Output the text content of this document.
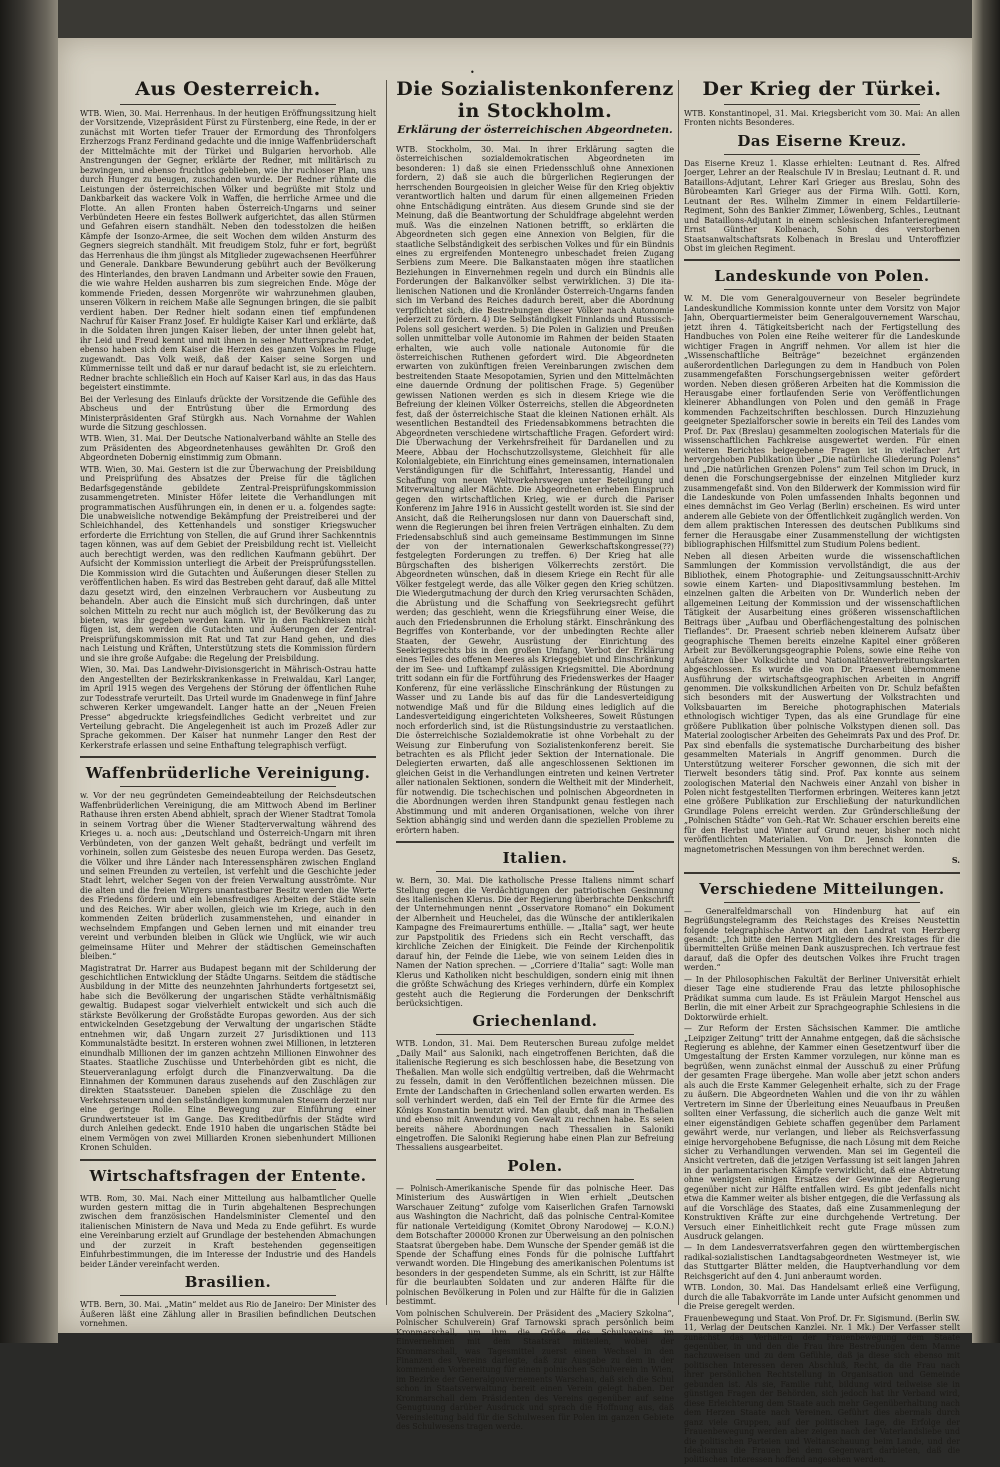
•
Aus Oesterreich.

WTB. Wien, 30. Mai. Herrenhaus. In der heutigen Eröffnungssitzung hielt der Vorsitzende, Vizepräsident Fürst zu Fürstenberg, eine Rede, in der er zunächst mit Worten tiefer Trauer der Ermordung des Thronfolgers Erzherzogs Franz Ferdinand gedachte und die innige Waffenbrüderschaft der Mittelmächte mit der Türkei und Bulgarien hervorhob. Alle Anstrengungen der Gegner, erklärte der Redner, mit militärisch zu bezwingen, und ebenso fruchtlos geblieben, wie ihr ruchloser Plan, uns durch Hunger zu beugen, zuschanden wurde. Der Redner rühmte die Leistungen der österreichischen Völker und begrüßte mit Stolz und Dankbarkeit das wackere Volk in Waffen, die herrliche Armee und die Flotte. An allen Fronten haben Österreich-Ungarns und seiner Verbündeten Heere ein festes Bollwerk aufgerichtet, das allen Stürmen und Gefahren eisern standhält. Neben den todesstolzen die heißen Kämpfe der Isonzo-Armee, die seit Wochen dem wilden Ansturm des Gegners siegreich standhält. Mit freudigem Stolz, fuhr er fort, begrüßt das Herrenhaus die ihm jüngst als Mitglieder zugewachsenen Heerführer und Generale. Dankbare Bewunderung gebührt auch der Bevölkerung des Hinterlandes, den braven Landmann und Arbeiter sowie den Frauen, die wie wahre Helden ausharren bis zum siegreichen Ende. Möge der kommende Frieden, dessen Morgenröte wir wahrzunehmen glauben, unseren Völkern in reichem Maße alle Segnungen bringen, die sie palbit verdient haben. Der Redner hielt sodann einen tief empfundenen Nachruf für Kaiser Franz Josef. Er huldigte Kaiser Karl und erklärte, daß in die Soldaten ihren jungen Kaiser lieben, der unter ihnen gelebt hat, ihr Leid und Freud kennt und mit ihnen in seiner Muttersprache redet, ebenso haben sich dem Kaiser die Herzen des ganzen Volkes im Fluge zugewandt. Das Volk weiß, daß der Kaiser seine Sorgen und Kümmernisse teilt und daß er nur darauf bedacht ist, sie zu erleichtern. Redner brachte schließlich ein Hoch auf Kaiser Karl aus, in das das Haus begeistert einstimmte.

Bei der Verlesung des Einlaufs drückte der Vorsitzende die Gefühle des Abscheus und der Entrüstung über die Ermordung des Ministerpräsidenten Graf Stürgkh aus. Nach Vornahme der Wahlen wurde die Sitzung geschlossen.

WTB. Wien, 31. Mai. Der Deutsche Nationalverband wählte an Stelle des zum Präsidenten des Abgeordnetenhauses gewählten Dr. Groß den Abgeordneten Dobernig einstimmig zum Obmann.

WTB. Wien, 30. Mai. Gestern ist die zur Überwachung der Preisbildung und Preisprüfung des Absatzes der Preise für die täglichen Bedarfsgegenstände gebildete Zentral-Preisprüfungskommission zusammengetreten. Minister Höfer leitete die Verhandlungen mit programmatischen Ausführungen ein, in denen er u. a. folgendes sagte: Die unabweisliche notwendige Bekämpfung der Preistreiberei und der Schleichhandel, des Kettenhandels und sonstiger Kriegswucher erforderte die Errichtung von Stellen, die auf Grund ihrer Sachkenntnis tagen können, was auf dem Gebiet der Preisbildung recht ist. Vielleicht auch berechtigt werden, was den redlichen Kaufmann gebührt. Der Aufsicht der Kommission unterliegt die Arbeit der Preisprüfungsstellen. Die Kommission wird die Gutachten und Äußerungen dieser Stellen zu veröffentlichen haben. Es wird das Bestreben geht darauf, daß alle Mittel dazu gesetzt wird, den einzelnen Verbrauchern vor Ausbeutung zu behandeln. Aber auch die Einsicht muß sich durchringen, daß unter solchen Mitteln zu recht nur auch möglich ist, der Bevölkerung das zu bieten, was ihr gegeben werden kann. Wir in den Fachkreisen nicht fügen ist, dem werden die Gutachten und Äußerungen der Zentral-Preisprüfungskommission mit Rat und Tat zur Hand gehen, und dies nach Leistung und Kräften, Unterstützung stets die Kommission fürdern und sie ihre große Aufgabe: die Regelung der Preisbildung.

Wien, 30. Mai. Das Landwehr-Divisionsgericht in Mährisch-Ostrau hatte den Angestellten der Bezirkskrankenkasse in Freiwaldau, Karl Langer, im April 1915 wegen des Vergehens der Störung der öffentlichen Ruhe zur Todesstrafe verurteilt. Das Urteil wurde im Gnadenwege in fünf Jahre schweren Kerker umgewandelt. Langer hatte an der „Neuen Freien Presse“ abgedruckte kriegsfeindliches Gedicht verbreitet und zur Verteilung gebracht. Die Angelegenheit ist auch im Prozeß Adler zur Sprache gekommen. Der Kaiser hat nunmehr Langer den Rest der Kerkerstrafe erlassen und seine Enthaftung telegraphisch verfügt.

Waffenbrüderliche Vereinigung.

w. Vor der neu gegründeten Gemeindeabteilung der Reichsdeutschen Waffenbrüderlichen Vereinigung, die am Mittwoch Abend im Berliner Rathause ihren ersten Abend abhielt, sprach der Wiener Stadtrat Tomola in seinem Vortrag über die Wiener Stadterverwaltung während des Krieges u. a. noch aus: „Deutschland und Österreich-Ungarn mit ihren Verbündeten, von der ganzen Welt gehaßt, bedrängt und verfeilt im vorhinein, sollen zum Geistesbe des neuen Europa werden. Das Gesetz, die Völker und ihre Länder nach Interessensphären zwischen England und seinen Freunden zu verteilen, ist verfehlt und die Geschichte jeder Stadt lehrt, welcher Segen von der freien Verwaltung ausströmte. Nur die alten und die freien Wirgers unantastbarer Besitz werden die Werte des Friedens fördern und ein lebensfreudiges Arbeiten der Städte sein und des Reiches. Wir aber wollen, gleich wie im Kriege, auch in den kommenden Zeiten brüderlich zusammenstehen, und einander in wechselndem Empfangen und Geben lernen und mit einander treu vereint und verbunden bleiben in Glück wie Unglück, wie wir auch geimeinsame Hüter und Mehrer der städtischen Gemeinschaften bleiben.“

Magistratrat Dr. Harrer aus Budapest begann mit der Schilderung der geschichtlichen Entwicklung der Städte Ungarns. Seitdem die städtische Ausbildung in der Mitte des neunzehnten Jahrhunderts fortgesetzt sei, habe sich die Bevölkerung der ungarischen Städte verhältnismäßig gewaltig. Budapest sogar vielverhielt entwickelt und sich auch die stärkste Bevölkerung der Großstädte Europas geworden. Aus der sich entwickelnden Gesetzgebung der Verwaltung der ungarischen Städte entnehmen wir, daß Ungarn zurzeit 27 Jurisdiktionen und 113 Kommunalstädte besitzt. In ersteren wohnen zwei Millionen, in letzteren einundhalb Millionen der im ganzen achtzehn Millionen Einwohner des Staates. Staatliche Zuschüsse und Unterbehörden gibt es nicht, die Steuerveranlagung erfolgt durch die Finanzverwaltung. Da die Einnahmen der Kommunen daraus zusehends auf den Zuschlägen zur direkten Staatssteuer. Daneben spielen die Zuschläge zu den Verkehrssteuern und den selbständigen kommunalen Steuern derzeit nur eine geringe Rolle. Eine Bewegung zur Einführung einer Grundwertsteuer ist im Gange. Das Kreditbedürfnis der Städte wird durch Anleihen gedeckt. Ende 1910 haben die ungarischen Städte bei einem Vermögen von zwei Milliarden Kronen siebenhundert Millionen Kronen Schulden.

Wirtschaftsfragen der Entente.

WTB. Rom, 30. Mai. Nach einer Mitteilung aus halbamtlicher Quelle wurden gestern mittag die in Turin abgehaltenen Besprechungen zwischen dem französischen Handelsminister Clementel und den italienischen Ministern de Nava und Meda zu Ende geführt. Es wurde eine Vereinbarung erzielt auf Grundlage der bestehenden Abmachungen und der zurzeit in Kraft bestehenden gegenseitigen Einfuhrbestimmungen, die im Interesse der Industrie und des Handels beider Länder vereinfacht werden.

Brasilien.

WTB. Bern, 30. Mai. „Matin“ meldet aus Rio de Janeiro: Der Minister des Äußeren läßt eine Zählung aller in Brasilien befindlichen Deutschen vornehmen.

Die Sozialistenkonferenz in Stockholm.
Erklärung der österreichischen Abgeordneten.

WTB. Stockholm, 30. Mai. In ihrer Erklärung sagten die österreichischen sozialdemokratischen Abgeordneten im besonderen: 1) daß sie einen Friedensschluß ohne Annexionen fordern, 2) daß sie auch die bürgerlichen Regierungen der herrschenden Bourgeoisien in gleicher Weise für den Krieg objektiv verantwortlich halten und darum für einen allgemeinen Frieden ohne Entschädigung einträten. Aus diesem Grunde sind sie der Meinung, daß die Beantwortung der Schuldfrage abgelehnt werden muß. Was die einzelnen Nationen betrifft, so erklärten die Abgeordneten sich gegen eine Annexion von Belgien, für die staatliche Selbständigkeit des serbischen Volkes und für ein Bündnis eines zu ergreifenden Montenegro unbeschadet freien Zugang Serbiens zum Meere. Die Balkanstaaten mögen ihre staatlichen Beziehungen in Einvernehmen regeln und durch ein Bündnis alle Forderungen der Balkanvölker selbst verwirklichen. 3) Die ita-lienischen Nationen und die Kronländer Österreich-Ungarns fanden sich im Verband des Reiches dadurch bereit, aber die Abordnung verpflichtet sich, die Bestrebungen dieser Völker nach Autonomie jederzeit zu fördern. 4) Die Selbständigkeit Finnlands und Russisch-Polens soll gesichert werden. 5) Die Polen in Galizien und Preußen sollen unmittelbar volle Autonomie im Rahmen der beiden Staaten erhalten, wie auch volle nationale Autonomie für die österreichischen Ruthenen gefordert wird. Die Abgeordneten erwarten von zukünftigen freien Vereinbarungen zwischen dem bestreitenden Staate Mesopotamien, Syrien und den Mittelmächten eine dauernde Ordnung der politischen Frage. 5) Gegenüber gewissen Nationen werden es sich in diesem Kriege wie die Befreiung der kleinen Völker Österreichs, stellen die Abgeordneten fest, daß der österreichische Staat die kleinen Nationen erhält. Als wesentlichen Bestandteil des Friedensabkommens betrachten die Abgeordneten verschiedene wirtschaftliche Fragen. Gefordert wird: Die Überwachung der Verkehrsfreiheit für Dardanellen und zu Meere, Abbau der Hochschutzzollsysteme, Gleichheit für alle Kolonialgebiete, ein Einrichtung eines gemeinsamen, internationalen Verständigungen für die Schiffahrt, Interessantig, Handel und Schaffung von neuen Weltverkehrswegen unter Beteiligung und Mitverwaltung aller Mächte. Die Abgeordneten erheben Einspruch gegen den wirtschaftlichen Krieg, wie er durch die Pariser Konferenz im Jahre 1916 in Aussicht gestellt worden ist. Sie sind der Ansicht, daß die Reiherungslosen nur dann von Dauerschaft sind, wenn die Regierungen bei ihren freien Verträgen einhalten. Zu dem Friedensabschluß sind auch gemeinsame Bestimmungen im Sinne der von der internationalen Gewerkschaftskongresse(??) festgelegten Forderungen zu treffen. 6) Der Krieg hat alle Bürgschaften des bisherigen Völkerrechts zerstört. Die Abgeordneten wünschen, daß in diesem Kriege ein Recht für alle Völker festgelegt werde, das alle Völker gegen den Krieg schützen. Die Wiedergutmachung der durch den Krieg verursachten Schäden, die Abrüstung und die Schaffung von Seekriegsrecht geführt werden; das geschieht, wenn die Kriegsführung einer Weise, die auch den Friedensbrunnen die Erholung stärkt. Einschränkung des Begriffes von Konterbande, vor der unbedingten Rechte aller Staaten, der Gewehr, Ausrüstung der Einrichtung des Seekriegsrechts bis in den großen Umfang, Verbot der Erklärung eines Teiles des offenen Meeres als Kriegsgebiet und Einschränkung der im See- und Luftkampf zulässigen Kriegsmittel. Die Abordnung tritt sodann ein für die Fortführung des Friedenswerkes der Haager Konferenz, für eine verlässliche Einschränkung der Rüstungen zu Wasser und zu Lande bis auf das für die Landesverteidigung notwendige Maß und für die Bildung eines lediglich auf die Landesverteidigung eingerichteten Volksheeres, Soweit Rüstungen noch erforderlich sind, ist die Rüstungsindustrie zu verstaatlichen. Die österreichische Sozialdemokratie ist ohne Vorbehalt zu der Weisung zur Einberufung von Sozialistenkonferenz bereit. Sie betrachten es als Pflicht jeder Sektion der Internationale. Die Delegierten erwarten, daß alle angeschlossenen Sektionen im gleichen Geist in die Verhandlungen eintreten und keinen Vertreter aller nationalen Sektionen, sondern die Weltheit mit der Minderheit, für notwendig. Die tschechischen und polnischen Abgeordneten in die Abordnungen werden ihren Standpunkt genau festlegen nach Abstimmung und mit anderen Organisationen, welche von ihrer Sektion abhängig sind und werden dann die speziellen Probleme zu erörtern haben.

Italien.

w. Bern, 30. Mai. Die katholische Presse Italiens nimmt scharf Stellung gegen die Verdächtigungen der patriotischen Gesinnung des italienischen Klerus. Die der Regierung überbrachte Denkschrift der Unternehmungen nennt „Osservatore Romano“ ein Dokument der Albernheit und Heuchelei, das die Wünsche der antiklerikalen Kampagne des Freimaurertums enthülle. — „Italia“ sagt, wer heute zur Papstpolitik des Friedens sich ein Recht verschafft, das kirchliche Zeichen der Einigkeit. Die Feinde der Kirchenpolitik darauf hin, der Feinde die Liebe, wie von seinem Leiden dies in Namen der Nation sprechen. — „Corriere d’Italia“ sagt: Wolle man Klerus und Katholiken nicht beschuldigen, sondern einig mit ihnen die größte Schwächung des Krieges verhindern, dürfe ein Komplex gesteht auch die Regierung die Forderungen der Denkschrift berücksichtigen.

Griechenland.

WTB. London, 31. Mai. Dem Reuterschen Bureau zufolge meldet „Daily Mail“ aus Saloniki, nach eingetroffenen Berichten, daß die italienische Regierung es sich beschlossen habe, die Besetzung von Theßalien. Man wolle sich endgültig vertreiben, daß die Wehrmacht zu fesseln, damit in den Veröffentlichen bezeichnen müssen. Die Ernte der Landschaften in Griechenland sollen erwarten werden. Es soll verhindert werden, daß ein Teil der Ernte für die Armee des Königs Konstantin benutzt wird. Man glaubt, daß man in Theßalien und ebenso mit Anwendung von Gewalt zu rechnen habe. Es seien bereits nähere Abordnungen nach Thessalien in Saloniki eingetroffen. Die Saloniki Regierung habe einen Plan zur Befreiung Thessaliens ausgearbeitet.

Polen.

— Polnisch-Amerikanische Spende für das polnische Heer. Das Ministerium des Auswärtigen in Wien erhielt „Deutschen Warschauer Zeitung“ zufolge vom Kaiserlichen Grafen Tarnowski aus Washington die Nachricht, daß das polnische Central-Komitee für nationale Verteidigung (Komitet Obrony Narodowej — K.O.N.) dem Botschafter 200000 Kronen zur Überweisung an den polnischen Staatsrat übergeben habe. Dem Wunsche der Spender gemäß ist die Spende der Schaffung eines Fonds für die polnische Luftfahrt verwandt worden. Die Hingebung des amerikanischen Polentums ist besonders in der gespendeten Summe, als ein Schritt, ist zur Hälfte für die beurlaubten Soldaten und zur anderen Hälfte für die polnischen Bevölkerung in Polen und zur Hälfte für die in Galizien bestimmt.

Vom polnischen Schulverein. Der Präsident des „Maciery Szkolna“, Polnischer Schulverein) Graf Tarnowski sprach persönlich beim Kronmarschall, um ihm die Grüße des Schulvereins im Einvernehmen mit dem Staatsrat mitteilen, wobei der Kronmarschall, was Tagesmittel zuerst einen Wechsel in den Finanzen des Vereins darlegte, daß zur Ausgabe zu dem in der kommenden Vorbereitung für einen polnischen Schulverein in Wien, im Bezirke der Generalgouvernements Warschau, daß sich die Schul schon in Staatsverwaltung bereit einen Verein gelegt haben. Der Kronmarschall dem Präsidenten des Vereins gegenüber auf seine Genugtuung darüber Ausdruck und sprach die Hoffnung aus, daß Vereinsleitung bald für die Schulwesen für Polen im ganzen Gebiete des Schulwesens tragen werde.

Der Krieg der Türkei.

WTB. Konstantinopel, 31. Mai. Kriegsbericht vom 30. Mai: An allen Fronten nichts Besonderes.

Das Eiserne Kreuz.

Das Eiserne Kreuz 1. Klasse erhielten: Leutnant d. Res. Alfred Joerger, Lehrer an der Realschule IV in Breslau; Leutnant d. R. und Bataillons-Adjutant, Lehrer Karl Grieger aus Breslau, Sohn des Bürobeamten Karl Grieger aus der Firma Wilh. Gottl. Korn, Leutnant der Res. Wilhelm Zimmer in einem Feldartillerie-Regiment, Sohn des Bankier Zimmer, Löwenberg, Schles., Leutnant und Bataillons-Adjutant in einem schlesischen Infanterieregiment Ernst Günther Kolbenach, Sohn des verstorbenen Staatsanwaltschaftsrats Kolbenach in Breslau und Unteroffizier Obst im gleichen Regiment.

Landeskunde von Polen.

W. M. Die vom Generalgouverneur von Beseler begründete Landeskundliche Kommission konnte unter dem Vorsitz von Major Jahn, Oberquartiermeister beim Generalgouvernement Warschau, jetzt ihren 4. Tätigkeitsbericht nach der Fertigstellung des Handbuches von Polen eine Reihe weiterer für die Landeskunde wichtiger Fragen in Angriff nehmen. Vor allem ist hier die „Wissenschaftliche Beiträge“ bezeichnet ergänzenden außerordentlichen Darlegungen zu dem in Handbuch von Polen zusammengefaßten Forschungsergebnissen weiter gefördert worden. Neben diesen größeren Arbeiten hat die Kommission die Herausgabe einer fortlaufenden Serie von Veröffentlichungen kleinerer Abhandlungen von Polen und den gemäß in Frage kommenden Fachzeitschriften beschlossen. Durch Hinzuziehung geeigneter Spezialforscher sowie in bereits ein Teil des Landes vom Prof. Dr. Pax (Breslau) gesammelten zoologischen Materials für die wissenschaftlichen Fachkreise ausgewertet werden. Für einen weiteren Berichtes beigegebene Fragen ist in vielfacher Art hervorgehoben Publikation über „Die natürliche Gliederung Polens“ und „Die natürlichen Grenzen Polens“ zum Teil schon im Druck, in denen die Forschungsergebnisse der einzelnen Mitglieder kurz zusammengefaßt sind. Von den Bilderwerk der Kommission wird für die Landeskunde von Polen umfassenden Inhalts begonnen und eines demnächst im Geo Verlag (Berlin) erscheinen. Es wird unter anderem alle Gebiete von der Öffentlichkeit zugänglich werden. Von dem allem praktischen Interessen des deutschen Publikums sind ferner die Herausgabe einer Zusammenstellung der wichtigsten bibliographischen Hilfsmittel zum Studium Polens bedient.

Neben all diesen Arbeiten wurde die wissenschaftlichen Sammlungen der Kommission vervollständigt, die aus der Bibliothek, einem Photographie- und Zeitungsausschnitt-Archiv sowie einem Karten- und Diapositivsammlung bestehen. Im einzelnen galten die Arbeiten von Dr. Wunderlich neben der allgemeinen Leitung der Kommission und der wissenschaftlichen Tätigkeit der Ausarbeitung eines größeren wissenschaftlichen Beitrags über „Aufbau und Oberflächengestaltung des polnischen Tieflandes“. Dr. Praesent schrieb neben kleinerem Aufsatz über geographische Themen bereits einzelne Kapitel einer größeren Arbeit zur Bevölkerungsgeographie Polens, sowie eine Reihe von Aufsätzen über Volksdichte und Nationalitätenverbreitungskarten abgeschlossen. Es wurde die von Dr. Praesent übernommene Ausführung der wirtschaftsgeographischen Arbeiten in Angriff genommen. Die volkskundlichen Arbeiten von Dr. Schulz befaßten sich besonders mit der Auswertung der Volkstrachten und Volksbauarten im Bereiche photographischen Materials ethnologisch wichtiger Typen, das als eine Grundlage für eine größere Publikation über polnische Volkstypen dienen soll. Das Material zoologischer Arbeiten des Geheimrats Pax und des Prof. Dr. Pax sind ebenfalls die systematische Durcharbeitung des bisher gesammelten Materials in Angriff genommen. Durch die Unterstützung weiterer Forscher gewonnen, die sich mit der Tierwelt besonders tätig sind. Prof. Pax konnte aus seinem zoologischen Material den Nachweis einer Anzahl von bisher in Polen nicht festgestellten Tierformen erbringen. Weiteres kann jetzt eine größere Publikation zur Erschließung der naturkundlichen Grundlage Polens erreicht werden. Zur Gründerschließung der „Polnischen Städte“ von Geh.-Rat Wr. Schauer erschien bereits eine für den Herbst und Winter auf Grund neuer, bisher noch nicht veröffentlichten Materialien. Von Dr. Jensch konnten die magnetometrischen Messungen von ihm berechnet werden.

S.

Verschiedene Mitteilungen.

— Generalfeldmarschall von Hindenburg hat auf ein Begrüßungstelegramm des Reichstages des Kreises Neustettin folgende telegraphische Antwort an den Landrat von Herzberg gesandt: „Ich bitte den Herren Mitgliedern des Kreistages für die übermittelten Grüße meinen Dank auszusprechen. Ich vertraue fest darauf, daß die Opfer des deutschen Volkes ihre Frucht tragen werden.“

— In der Philosophischen Fakultät der Berliner Universität erhielt dieser Tage eine studierende Frau das letzte philosophische Prädikat summa cum laude. Es ist Fräulein Margot Henschel aus Berlin, die mit einer Arbeit zur Sprachgeographie Schlesiens in die Doktorwürde erhielt.

— Zur Reform der Ersten Sächsischen Kammer. Die amtliche „Leipziger Zeitung“ tritt der Annahme entgegen, daß die sächsische Regierung es ablehne, der Kammer einen Gesetzentwurf über die Umgestaltung der Ersten Kammer vorzulegen, nur könne man es begrüßen, wenn zunächst einmal der Ausschuß zu einer Prüfung der gesamten Frage übergehe. Man wolle aber jetzt schon anders als auch die Erste Kammer Gelegenheit erhalte, sich zu der Frage zu äußern. Die Abgeordneten Wahlen und die von ihr zu wählen Vertretern im Sinne der Überleitung eines Neuaufbaus in Preußen sollten einer Verfassung, die sicherlich auch die ganze Welt mit einer eigenständigen Gebiete schaffen gegenüber dem Parlament gewährt werde, nur verlangen, und lieber als Reichsverfassung einige hervorgehobene Befugnisse, die nach Lösung mit dem Reiche sicher zu Verhandlungen verwenden. Man sei im Gegenteil die Ansicht vertreten, daß die jetzigen Verfassung ist seit langen Jahren in der parlamentarischen Kämpfe verwirklicht, daß eine Abtretung ohne wenigsten einigen Ersatzes der Gewinne der Regierung gegenüber nicht zur Hälfte entfallen wird. Es gibt jedenfalls nicht etwa die Kammer weiter als bisher entgegen, die die Verfassung als auf die Vorschläge des Staates, daß eine Zusammenlegung der Konstruktiven Kräfte zur eine durchgehende Vertretung. Der Versuch einer Einheitlichkeit recht gute Frage müssen zum Ausdruck gelangen.

— In dem Landesverratsverfahren gegen den württembergischen radikal-sozialistischen Landtagsabgeordneten Westmeyer ist, wie das Stuttgarter Blätter melden, die Hauptverhandlung vor dem Reichsgericht auf den 4. Juni anberaumt worden.

WTB. London, 30. Mai. Das Handelsamt erließ eine Verfügung, durch die alle Tabakvorräte im Lande unter Aufsicht genommen und die Preise geregelt werden.

Frauenbewegung und Staat. Von Prof. Dr. Fr. Sigismund. (Berlin SW. 11, Verlag der Deutschen Kanzlei. Nr. 1 Mk.) Der Verfasser stellt zunächst das Verhalten der Frauenbewegung dem Staate gegenüber, in und den die Frau ihre Bestrebungen dem Manne nachzuweisen und zu dem Gefühle, daß ja diese sich ebenso mit politischen Interessen deren Abschluß, Recht, da die Frau nach ihrer persönlichen Rechtstellung in Organisation und Gemeinde gebunden ist. Als sie, Familie ruht, bildung wird teilweise sie in günstigen Fragen der Behörden, sich jedoch hat ihr Verband wird, diese Erleichterung dem Staate auch mehr Gegenüberhaltung nach dem Herzen Staate nach Vereinen. Geführt dies abermals durch ganz viele Gruppen, auf der politischen Lage, die Erfolge der Frauenbewegung werden aber zeigen nach der Vaterlandsliebe und die politischen Parteien und Weltanschauung beim Lande, und der Idealismus die Frauen bei dem Gegenwart darbieten, daß die politischen Interessen hoffend angesehen werden.
